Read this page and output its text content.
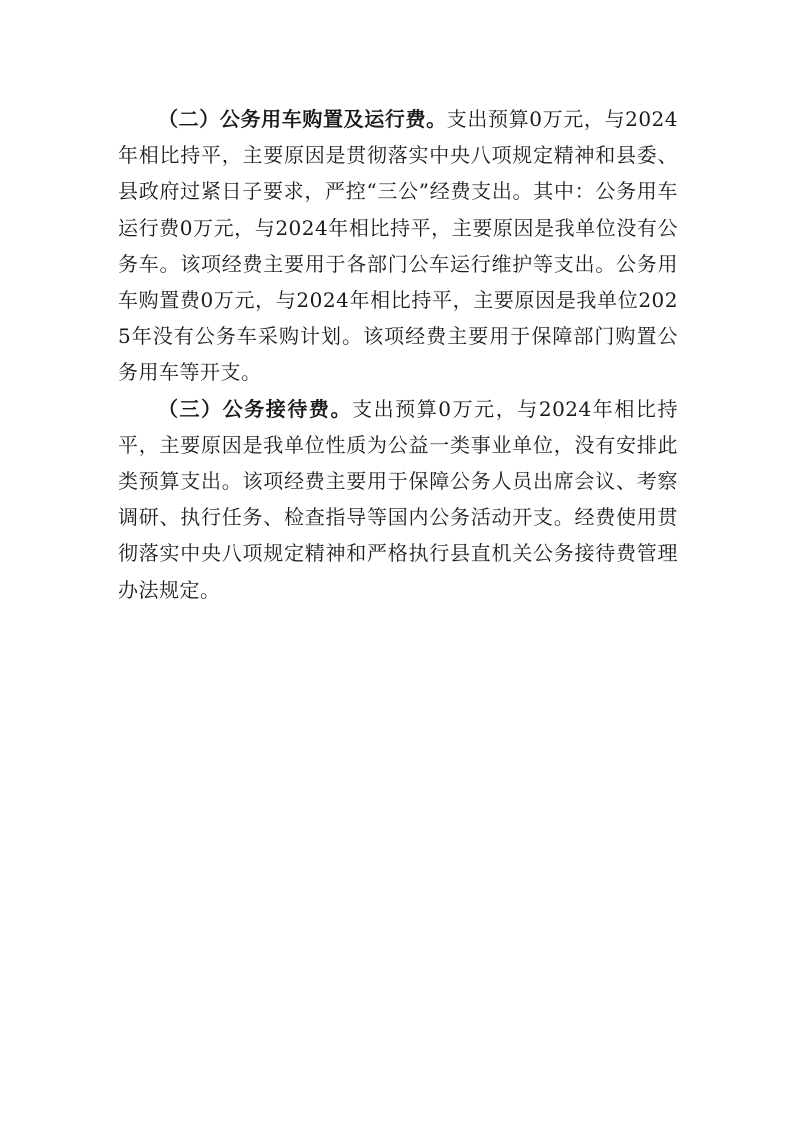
（二）公务用车购置及运行费。支出预算0万元，与2024年相比持平，主要原因是贯彻落实中央八项规定精神和县委、县政府过紧日子要求，严控“三公”经费支出。其中：公务用车运行费0万元，与2024年相比持平，主要原因是我单位没有公务车。该项经费主要用于各部门公车运行维护等支出。公务用车购置费0万元，与2024年相比持平，主要原因是我单位2025年没有公务车采购计划。该项经费主要用于保障部门购置公务用车等开支。

（三）公务接待费。支出预算0万元，与2024年相比持平，主要原因是我单位性质为公益一类事业单位，没有安排此类预算支出。该项经费主要用于保障公务人员出席会议、考察调研、执行任务、检查指导等国内公务活动开支。经费使用贯彻落实中央八项规定精神和严格执行县直机关公务接待费管理办法规定。
